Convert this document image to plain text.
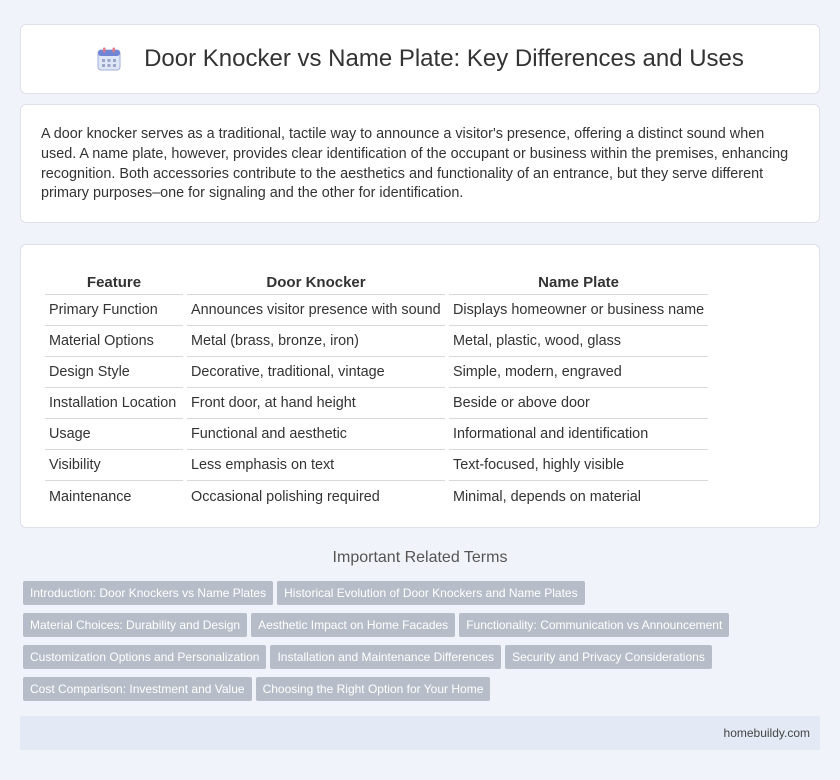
Door Knocker vs Name Plate: Key Differences and Uses

A door knocker serves as a traditional, tactile way to announce a visitor's presence, offering a distinct sound when used. A name plate, however, provides clear identification of the occupant or business within the premises, enhancing recognition. Both accessories contribute to the aesthetics and functionality of an entrance, but they serve different primary purposes–one for signaling and the other for identification.

Feature	Door Knocker	Name Plate
Primary Function	Announces visitor presence with sound	Displays homeowner or business name
Material Options	Metal (brass, bronze, iron)	Metal, plastic, wood, glass
Design Style	Decorative, traditional, vintage	Simple, modern, engraved
Installation Location	Front door, at hand height	Beside or above door
Usage	Functional and aesthetic	Informational and identification
Visibility	Less emphasis on text	Text-focused, highly visible
Maintenance	Occasional polishing required	Minimal, depends on material
Important Related Terms
Introduction: Door Knockers vs Name Plates Historical Evolution of Door Knockers and Name Plates
Material Choices: Durability and Design Aesthetic Impact on Home Facades Functionality: Communication vs Announcement
Customization Options and Personalization Installation and Maintenance Differences Security and Privacy Considerations
Cost Comparison: Investment and Value Choosing the Right Option for Your Home
homebuildy.com
